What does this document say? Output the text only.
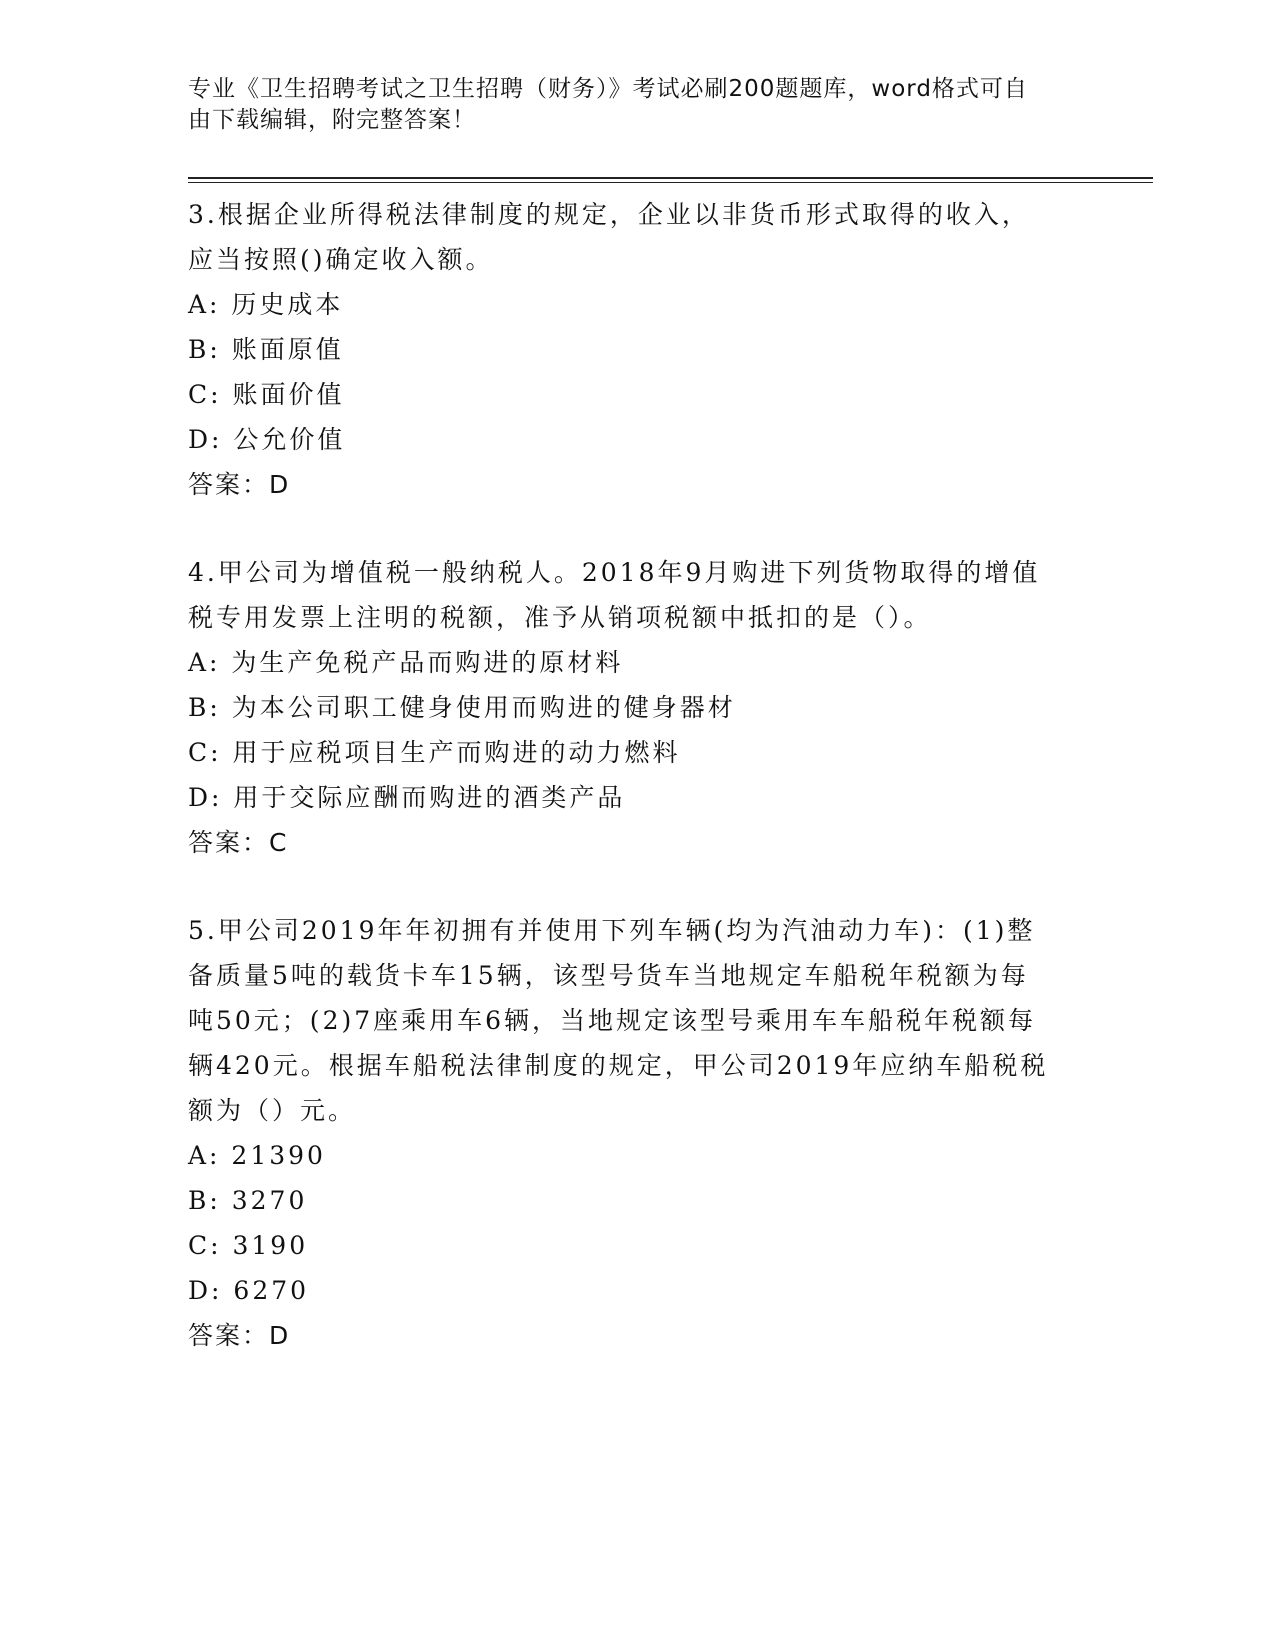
专业《卫生招聘考试之卫生招聘（财务）》考试必刷200题题库，word格式可自
由下载编辑，附完整答案！

3.根据企业所得税法律制度的规定，企业以非货币形式取得的收入，

应当按照()确定收入额。

A: 历史成本

B: 账面原值

C: 账面价值

D: 公允价值

答案：D

4.甲公司为增值税一般纳税人。2018年9月购进下列货物取得的增值

税专用发票上注明的税额，准予从销项税额中抵扣的是（）。

A: 为生产免税产品而购进的原材料

B: 为本公司职工健身使用而购进的健身器材

C: 用于应税项目生产而购进的动力燃料

D: 用于交际应酬而购进的酒类产品

答案：C

5.甲公司2019年年初拥有并使用下列车辆(均为汽油动力车)：(1)整

备质量5吨的载货卡车15辆，该型号货车当地规定车船税年税额为每

吨50元；(2)7座乘用车6辆，当地规定该型号乘用车车船税年税额每

辆420元。根据车船税法律制度的规定，甲公司2019年应纳车船税税

额为（）元。

A: 21390

B: 3270

C: 3190

D: 6270

答案：D
